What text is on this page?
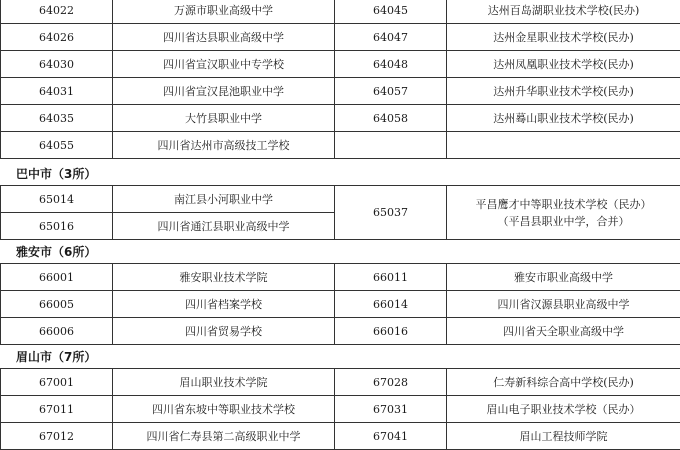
64022	万源市职业高级中学	64045	达州百岛湖职业技术学校(民办)
64026	四川省达县职业高级中学	64047	达州金星职业技术学校(民办)
64030	四川省宣汉职业中专学校	64048	达州凤凰职业技术学校(民办)
64031	四川省宣汉昆池职业中学	64057	达州升华职业技术学校(民办)
64035	大竹县职业中学	64058	达州蓦山职业技术学校(民办)
64055	四川省达州市高级技工学校		
巴中市（3所）
65014	南江县小河职业中学	65037	平昌鹰才中等职业技术学校（民办）
（平昌县职业中学，合并）

65016	四川省通江县职业高级中学		
雅安市（6所）
66001	雅安职业技术学院	66011	雅安市职业高级中学
66005	四川省档案学校	66014	四川省汉源县职业高级中学
66006	四川省贸易学校	66016	四川省天全职业高级中学
眉山市（7所）
67001	眉山职业技术学院	67028	仁寿新科综合高中学校(民办)
67011	四川省东坡中等职业技术学校	67031	眉山电子职业技术学校（民办）
67012	四川省仁寿县第二高级职业中学	67041	眉山工程技师学院
